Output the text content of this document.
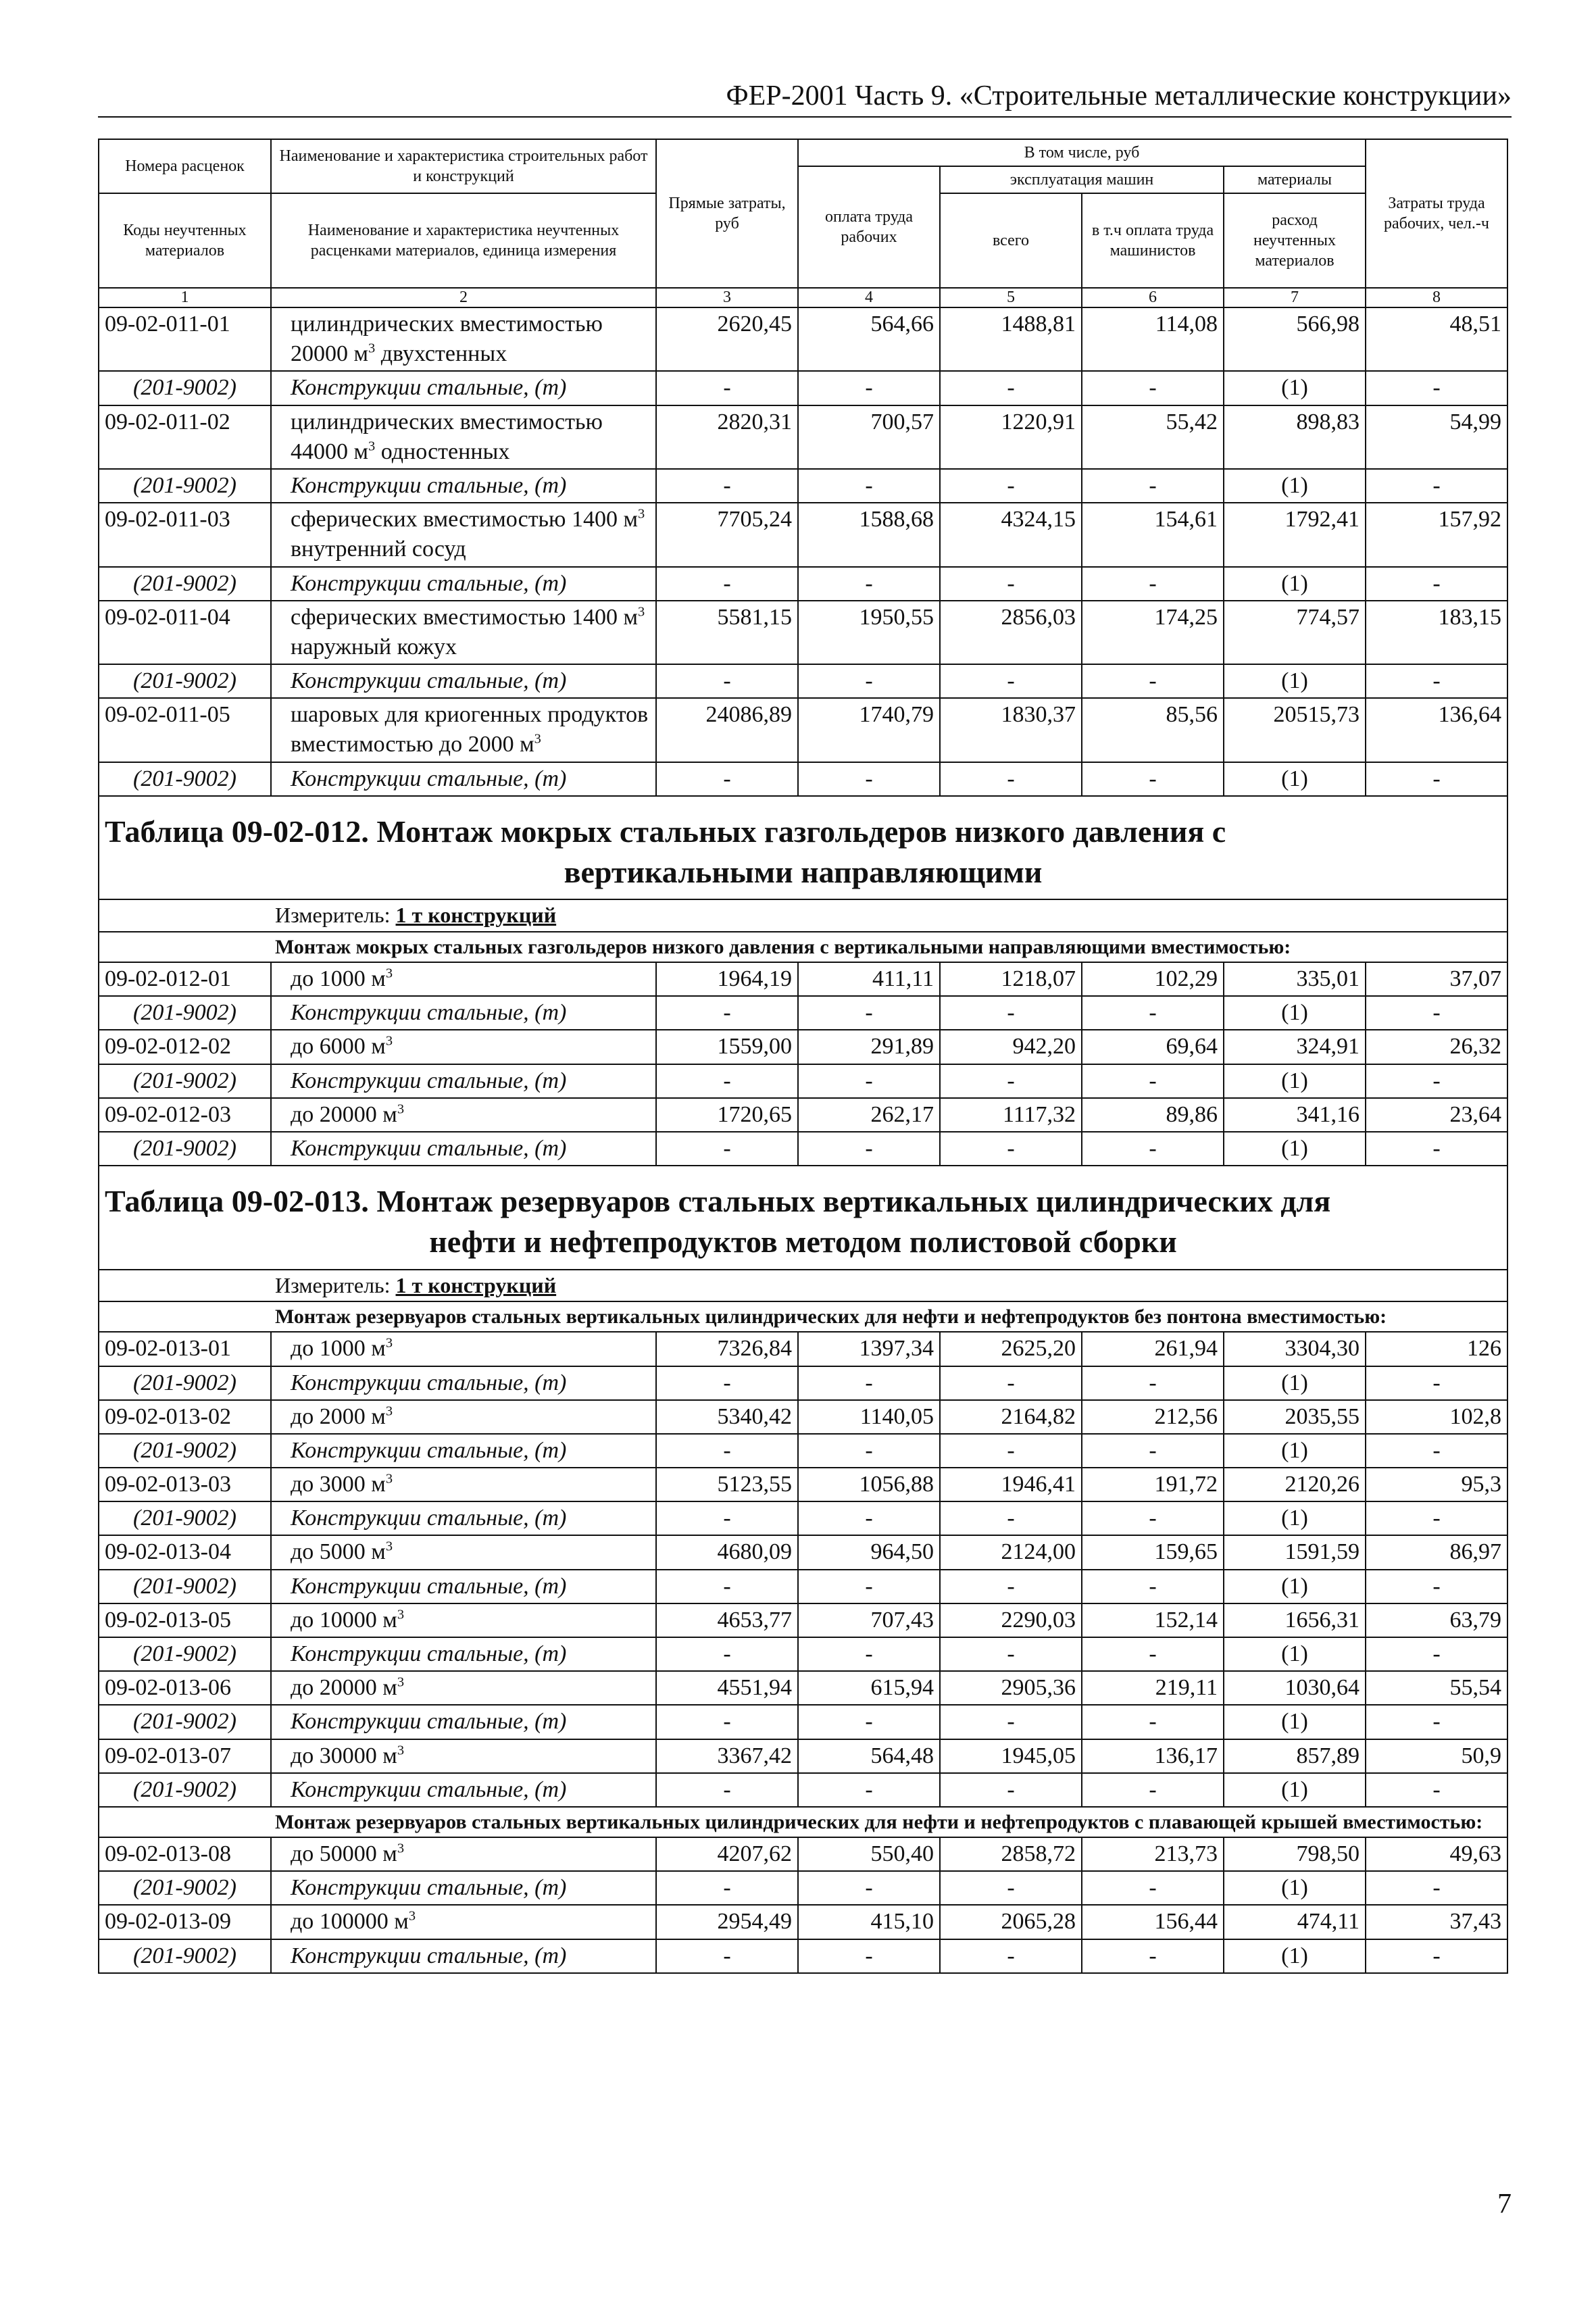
ФЕР-2001 Часть 9. «Строительные металлические конструкции»
Номера расценок	Наименование и характеристика строительных работ и конструкций	Прямые затраты, руб	В том числе, руб				Затраты труда рабочих, чел.-ч
			оплата труда рабочих	эксплуатация машин		материалы	
Коды неучтенных материалов	Наименование и характеристика неучтенных расценками материалов, единица измерения			всего	в т.ч оплата труда машинистов	расход неучтенных материалов	

1	2	3	4	5	6	7	8
09-02-011-01	цилиндрических вместимостью 20000 $м^3$ двухстенных	2620,45	564,66	1488,81	114,08	566,98	48,51
(201-9002)	Конструкции стальные, (т)	-	-	-	-	(1)	-
09-02-011-02	цилиндрических вместимостью 44000 $м^3$ одностенных	2820,31	700,57	1220,91	55,42	898,83	54,99
(201-9002)	Конструкции стальные, (т)	-	-	-	-	(1)	-
09-02-011-03	сферических вместимостью 1400 $м^3$ внутренний сосуд	7705,24	1588,68	4324,15	154,61	1792,41	157,92
(201-9002)	Конструкции стальные, (т)	-	-	-	-	(1)	-
09-02-011-04	сферических вместимостью 1400 $м^3$ наружный кожух	5581,15	1950,55	2856,03	174,25	774,57	183,15
(201-9002)	Конструкции стальные, (т)	-	-	-	-	(1)	-
09-02-011-05	шаровых для криогенных продуктов вместимостью до 2000 $м^3$	24086,89	1740,79	1830,37	85,56	20515,73	136,64
(201-9002)	Конструкции стальные, (т)	-	-	-	-	(1)	-
Таблица 09-02-012. Монтаж мокрых стальных газгольдеров низкого давления с
вертикальными направляющими							

Измеритель: 1 т конструкций							
Монтаж мокрых стальных газгольдеров низкого давления с вертикальными направляющими вместимостью:							
09-02-012-01	до 1000 $м^3$	1964,19	411,11	1218,07	102,29	335,01	37,07
(201-9002)	Конструкции стальные, (т)	-	-	-	-	(1)	-
09-02-012-02	до 6000 $м^3$	1559,00	291,89	942,20	69,64	324,91	26,32
(201-9002)	Конструкции стальные, (т)	-	-	-	-	(1)	-
09-02-012-03	до 20000 $м^3$	1720,65	262,17	1117,32	89,86	341,16	23,64
(201-9002)	Конструкции стальные, (т)	-	-	-	-	(1)	-
Таблица 09-02-013. Монтаж резервуаров стальных вертикальных цилиндрических для
нефти и нефтепродуктов методом полистовой сборки							

Измеритель: 1 т конструкций							
Монтаж резервуаров стальных вертикальных цилиндрических для нефти и нефтепродуктов без понтона вместимостью:							
09-02-013-01	до 1000 $м^3$	7326,84	1397,34	2625,20	261,94	3304,30	126
(201-9002)	Конструкции стальные, (т)	-	-	-	-	(1)	-
09-02-013-02	до 2000 $м^3$	5340,42	1140,05	2164,82	212,56	2035,55	102,8
(201-9002)	Конструкции стальные, (т)	-	-	-	-	(1)	-
09-02-013-03	до 3000 $м^3$	5123,55	1056,88	1946,41	191,72	2120,26	95,3
(201-9002)	Конструкции стальные, (т)	-	-	-	-	(1)	-
09-02-013-04	до 5000 $м^3$	4680,09	964,50	2124,00	159,65	1591,59	86,97
(201-9002)	Конструкции стальные, (т)	-	-	-	-	(1)	-
09-02-013-05	до 10000 $м^3$	4653,77	707,43	2290,03	152,14	1656,31	63,79
(201-9002)	Конструкции стальные, (т)	-	-	-	-	(1)	-
09-02-013-06	до 20000 $м^3$	4551,94	615,94	2905,36	219,11	1030,64	55,54
(201-9002)	Конструкции стальные, (т)	-	-	-	-	(1)	-
09-02-013-07	до 30000 $м^3$	3367,42	564,48	1945,05	136,17	857,89	50,9
(201-9002)	Конструкции стальные, (т)	-	-	-	-	(1)	-
Монтаж резервуаров стальных вертикальных цилиндрических для нефти и нефтепродуктов с плавающей крышей вместимостью:							
09-02-013-08	до 50000 $м^3$	4207,62	550,40	2858,72	213,73	798,50	49,63
(201-9002)	Конструкции стальные, (т)	-	-	-	-	(1)	-
09-02-013-09	до 100000 $м^3$	2954,49	415,10	2065,28	156,44	474,11	37,43
(201-9002)	Конструкции стальные, (т)	-	-	-	-	(1)	-
7
